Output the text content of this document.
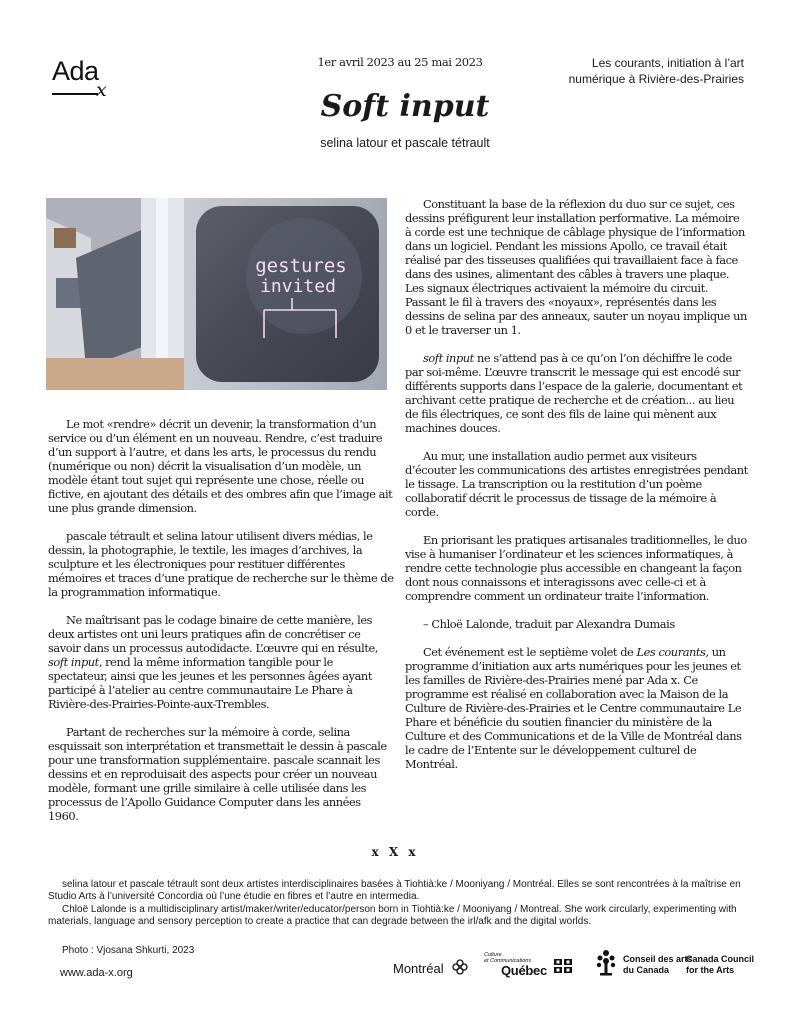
Ada
x
1er avril 2023 au 25 mai 2023	Les courants, initiation à l’art
numérique à Rivière-des-Prairies
Soft input
selina latour et pascale tétrault
gestures
invited

Le mot «rendre» décrit un devenir, la transformation d’un service ou d’un élément en un nouveau. Rendre, c’est traduire d’un support à l’autre, et dans les arts, le processus du rendu (numérique ou non) décrit la visualisation d’un modèle, un modèle étant tout sujet qui représente une chose, réelle ou fictive, en ajoutant des détails et des ombres afin que l’image ait une plus grande dimension.

pascale tétrault et selina latour utilisent divers médias, le dessin, la photographie, le textile, les images d’archives, la sculpture et les électroniques pour restituer différentes mémoires et traces d’une pratique de recherche sur le thème de la programmation informatique.

Ne maîtrisant pas le codage binaire de cette manière, les deux artistes ont uni leurs pratiques afin de concrétiser ce savoir dans un processus autodidacte. L’œuvre qui en résulte, soft input, rend la même information tangible pour le spectateur, ainsi que les jeunes et les personnes âgées ayant participé à l’atelier au centre communautaire Le Phare à Rivière-des-Prairies-Pointe-aux-Trembles.

Partant de recherches sur la mémoire à corde, selina esquissait son interprétation et transmettait le dessin à pascale pour une transformation supplémentaire. pascale scannait les dessins et en reproduisait des aspects pour créer un nouveau modèle, formant une grille similaire à celle utilisée dans les processus de l’Apollo Guidance Computer dans les années 1960.

Constituant la base de la réflexion du duo sur ce sujet, ces dessins préfigurent leur installation performative. La mémoire à corde est une technique de câblage physique de l’information dans un logiciel. Pendant les missions Apollo, ce travail était réalisé par des tisseuses qualifiées qui travaillaient face à face dans des usines, alimentant des câbles à travers une plaque. Les signaux électriques activaient la mémoire du circuit. Passant le fil à travers des «noyaux», représentés dans les dessins de selina par des anneaux, sauter un noyau implique un 0 et le traverser un 1.

soft input ne s’attend pas à ce qu’on l’on déchiffre le code par soi-même. L’œuvre transcrit le message qui est encodé sur différents supports dans l’espace de la galerie, documentant et archivant cette pratique de recherche et de création... au lieu de fils électriques, ce sont des fils de laine qui mènent aux machines douces.

Au mur, une installation audio permet aux visiteurs d’écouter les communications des artistes enregistrées pendant le tissage. La transcription ou la restitution d’un poème collaboratif décrit le processus de tissage de la mémoire à corde.

En priorisant les pratiques artisanales traditionnelles, le duo vise à humaniser l’ordinateur et les sciences informatiques, à rendre cette technologie plus accessible en changeant la façon dont nous connaissons et interagissons avec celle-ci et à comprendre comment un ordinateur traite l’information.

– Chloë Lalonde, traduit par Alexandra Dumais

Cet événement est le septième volet de Les courants, un programme d’initiation aux arts numériques pour les jeunes et les familles de Rivière-des-Prairies mené par Ada x. Ce programme est réalisé en collaboration avec la Maison de la Culture de Rivière-des-Prairies et le Centre communautaire Le Phare et bénéficie du soutien financier du ministère de la Culture et des Communications et de la Ville de Montréal dans le cadre de l’Entente sur le développement culturel de Montréal.

x X x

selina latour et pascale tétrault sont deux artistes interdisciplinaires basées à Tiohtià:ke / Mooniyang / Montréal. Elles se sont rencontrées à la maîtrise en Studio Arts à l’université Concordia où l’une étudie en fibres et l’autre en intermedia.

Chloë Lalonde is a multidisciplinary artist/maker/writer/educator/person born in Tiohtià:ke / Mooniyang / Montreal. She work circularly, experimenting with materials, language and sensory perception to create a practice that can degrade between the irl/afk and the digital worlds.

Photo : Vjosana Shkurti, 2023
www.ada-x.org	Montréal
Culture
et Communications
Québec
Conseil des arts
du Canada
Canada Council
for the Arts
